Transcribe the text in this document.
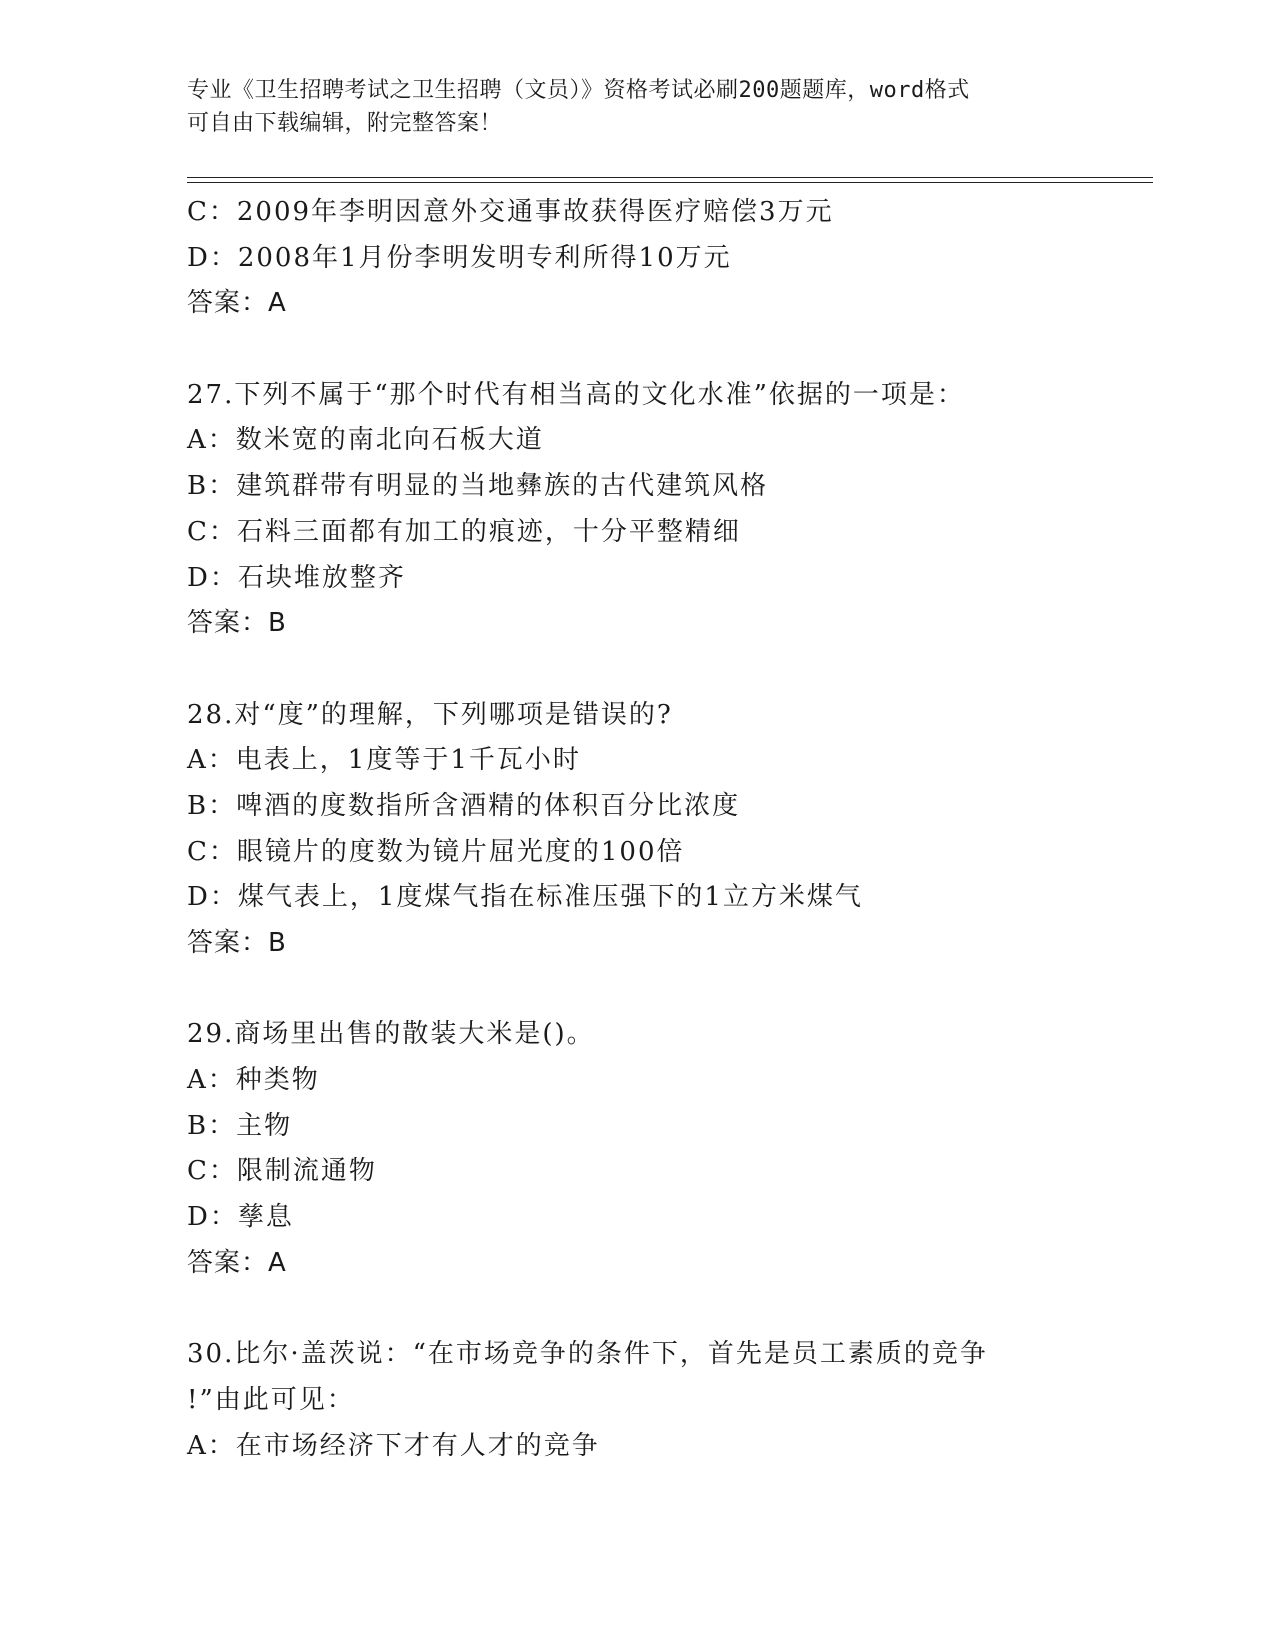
专业《卫生招聘考试之卫生招聘（文员）》资格考试必刷200题题库，word格式
可自由下载编辑，附完整答案！
C：2009年李明因意外交通事故获得医疗赔偿3万元
D：2008年1月份李明发明专利所得10万元
答案：A
27.下列不属于“那个时代有相当高的文化水准”依据的一项是：
A：数米宽的南北向石板大道
B：建筑群带有明显的当地彝族的古代建筑风格
C：石料三面都有加工的痕迹，十分平整精细
D：石块堆放整齐
答案：B
28.对“度”的理解，下列哪项是错误的?
A：电表上，1度等于1千瓦小时
B：啤酒的度数指所含酒精的体积百分比浓度
C：眼镜片的度数为镜片屈光度的100倍
D：煤气表上，1度煤气指在标准压强下的1立方米煤气
答案：B
29.商场里出售的散装大米是()。
A：种类物
B：主物
C：限制流通物
D：孳息
答案：A
30.比尔·盖茨说：“在市场竞争的条件下，首先是员工素质的竞争
!”由此可见：
A：在市场经济下才有人才的竞争
